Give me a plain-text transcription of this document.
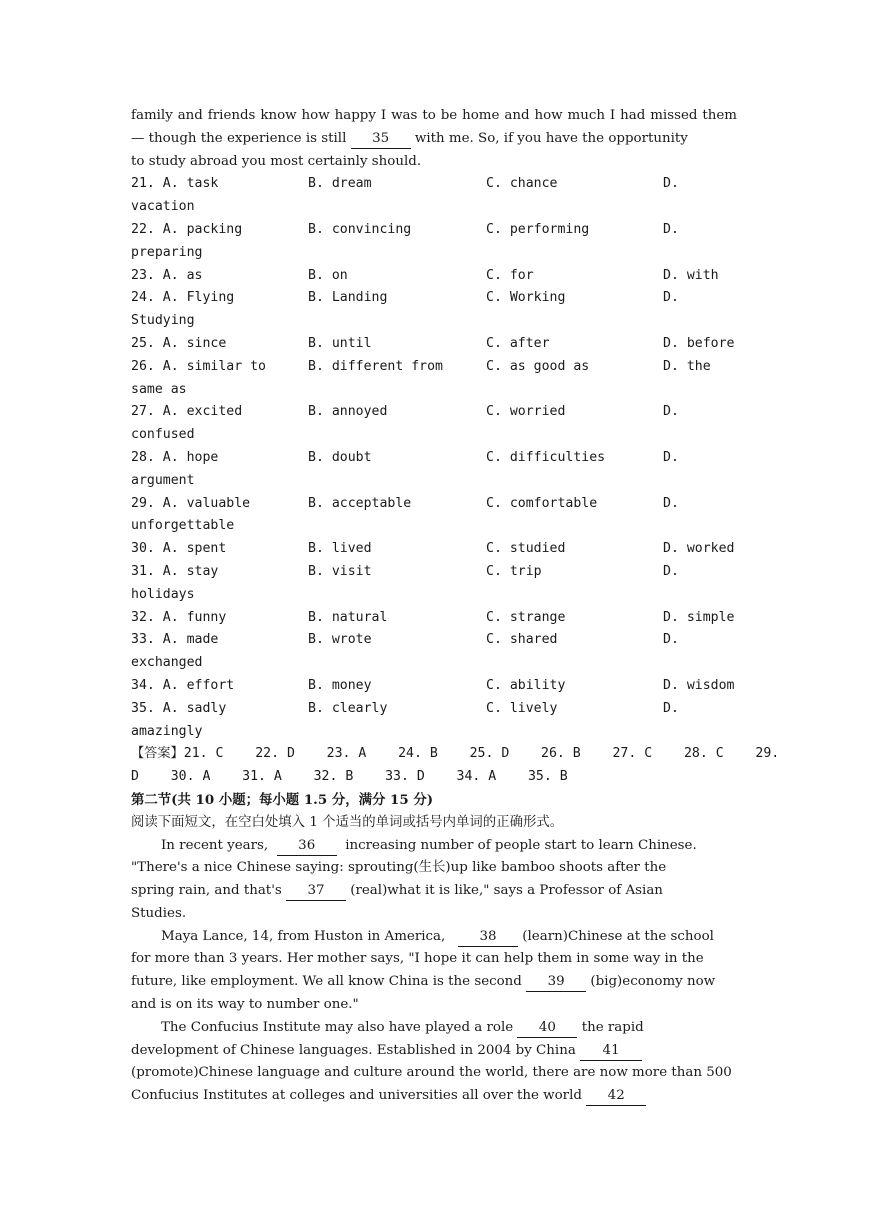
family and friends know how happy I was to be home and how much I had missed them
— though the experience is still 35 with me. So, if you have the opportunity
to study abroad you most certainly should.
21. A. task	B. dream	C. chance	D.
vacation
22. A. packing	B. convincing	C. performing	D.
preparing
23. A. as	B. on	C. for	D. with
24. A. Flying	B. Landing	C. Working	D.
Studying
25. A. since	B. until	C. after	D. before
26. A. similar to	B. different from	C. as good as	D. the
same as
27. A. excited	B. annoyed	C. worried	D.
confused
28. A. hope	B. doubt	C. difficulties	D.
argument
29. A. valuable	B. acceptable	C. comfortable	D.
unforgettable
30. A. spent	B. lived	C. studied	D. worked
31. A. stay	B. visit	C. trip	D.
holidays
32. A. funny	B. natural	C. strange	D. simple
33. A. made	B. wrote	C. shared	D.
exchanged
34. A. effort	B. money	C. ability	D. wisdom
35. A. sadly	B. clearly	C. lively	D.
amazingly
【答案】21. C    22. D    23. A    24. B    25. D    26. B    27. C    28. C    29.
D    30. A    31. A    32. B    33. D    34. A    35. B
第二节(共 10 小题；每小题 1.5 分，满分 15 分)
阅读下面短文，在空白处填入 1 个适当的单词或括号内单词的正确形式。
In recent years, 36 increasing number of people start to learn Chinese.
"There's a nice Chinese saying: sprouting(生长)up like bamboo shoots after the
spring rain, and that's 37 (real)what it is like," says a Professor of Asian
Studies.
Maya Lance, 14, from Huston in America,	38 (learn)Chinese at the school
for more than 3 years. Her mother says, "I hope it can help them in some way in the
future, like employment. We all know China is the second 39 (big)economy now
and is on its way to number one."
The Confucius Institute may also have played a role 40 the rapid
development of Chinese languages. Established in 2004 by China 41
(promote)Chinese language and culture around the world, there are now more than 500
Confucius Institutes at colleges and universities all over the world 42
